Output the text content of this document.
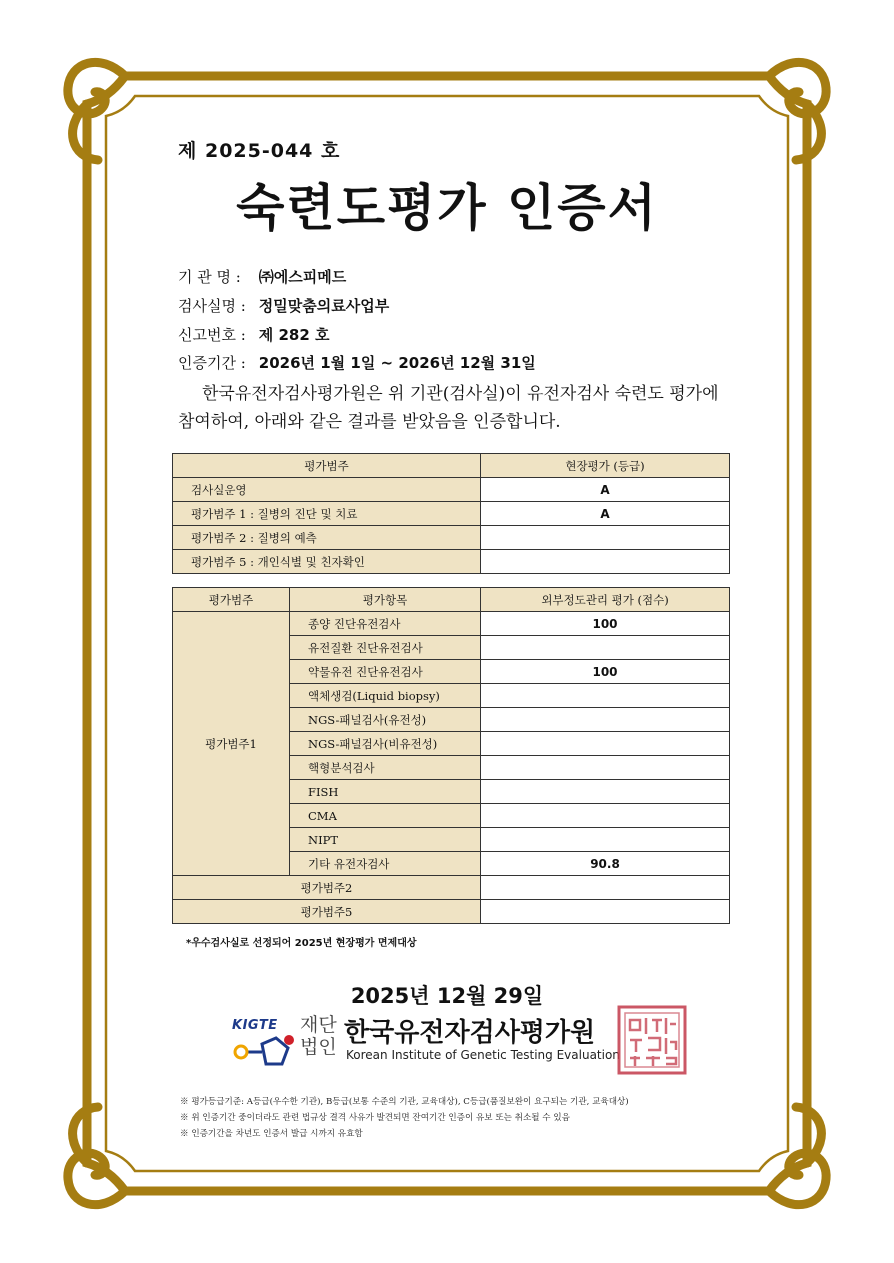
제 2025-044 호
숙련도평가 인증서
기 관 명 : ㈜에스피메드
검사실명 : 정밀맞춤의료사업부
신고번호 : 제 282 호
인증기간 : 2026년 1월 1일 ~ 2026년 12월 31일
한국유전자검사평가원은 위 기관(검사실)이 유전자검사 숙련도 평가에 참여하여, 아래와 같은 결과를 받았음을 인증합니다.
평가범주	현장평가 (등급)
검사실운영	A
평가범주 1 : 질병의 진단 및 치료	A
평가범주 2 : 질병의 예측	
평가범주 5 : 개인식별 및 친자확인	
평가범주	평가항목	외부정도관리 평가 (점수)
평가범주1	종양 진단유전검사	100
	유전질환 진단유전검사	
	약물유전 진단유전검사	100
	액체생검(Liquid biopsy)	
	NGS-패널검사(유전성)	
	NGS-패널검사(비유전성)	
	핵형분석검사	
	FISH	
	CMA	
	NIPT	
	기타 유전자검사	90.8
평가범주2		
평가범주5		
*우수검사실로 선정되어 2025년 현장평가 면제대상
2025년 12월 29일
KIGTE 재단
법인 한국유전자검사평가원
Korean Institute of Genetic Testing Evaluation
※ 평가등급기준: A등급(우수한 기관), B등급(보통 수준의 기관, 교육대상), C등급(품질보완이 요구되는 기관, 교육대상)
※ 위 인증기간 중이더라도 관련 법규상 결격 사유가 발견되면 잔여기간 인증이 유보 또는 취소될 수 있음
※ 인증기간을 차년도 인증서 발급 시까지 유효함
